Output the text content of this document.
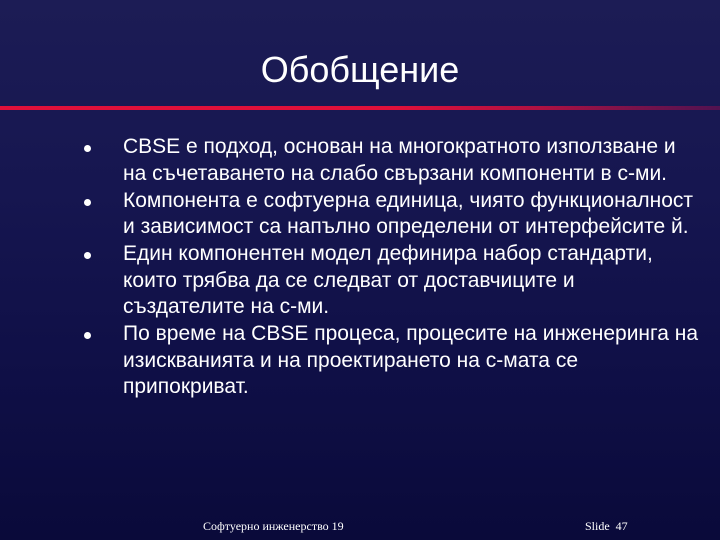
Обобщение
CBSE е подход, основан на многократното използване и на съчетаването на слабо свързани компоненти в с-ми.
Компонента е софтуерна единица, чиято функционалност и зависимост са напълно определени от интерфейсите й.
Един компонентен модел дефинира набор стандарти, които трябва да се следват от доставчиците и създателите на с-ми.
По време на CBSE процеса, процесите на инженеринга на изискванията и на проектирането на с-мата се припокриват.
Софтуерно инженерство 19	Slide 47
